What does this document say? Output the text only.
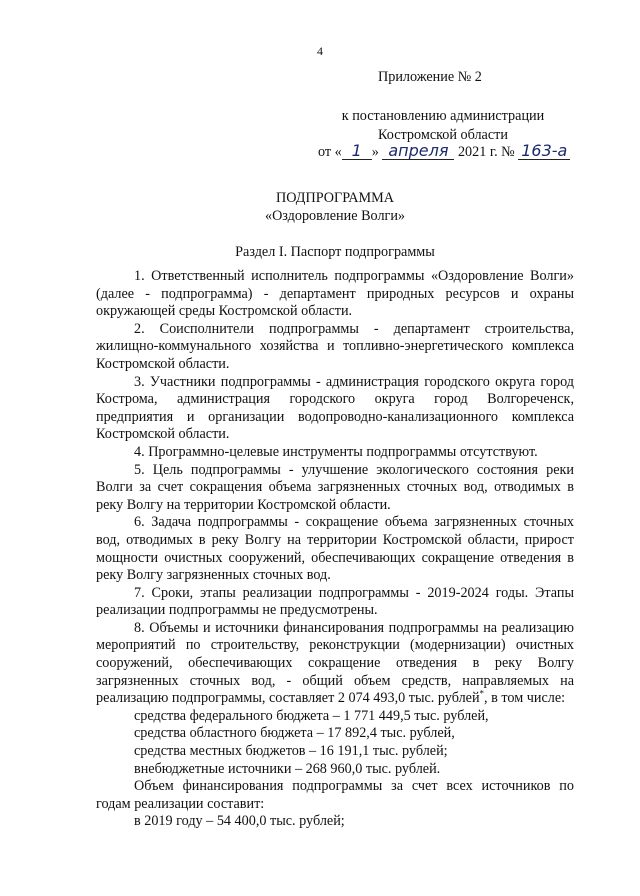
4
Приложение № 2
к постановлению администрации
Костромской области
от « 1 » апреля 2021 г. № 163-а
ПОДПРОГРАММА
«Оздоровление Волги»
Раздел I. Паспорт подпрограммы

1. Ответственный исполнитель подпрограммы «Оздоровление Волги» (далее - подпрограмма) - департамент природных ресурсов и охраны окружающей среды Костромской области.

2. Соисполнители подпрограммы - департамент строительства, жилищно-коммунального хозяйства и топливно-энергетического комплекса Костромской области.

3. Участники подпрограммы - администрация городского округа город Кострома, администрация городского округа город Волгореченск, предприятия и организации водопроводно-канализационного комплекса Костромской области.

4. Программно-целевые инструменты подпрограммы отсутствуют.

5. Цель подпрограммы - улучшение экологического состояния реки Волги за счет сокращения объема загрязненных сточных вод, отводимых в реку Волгу на территории Костромской области.

6. Задача подпрограммы - сокращение объема загрязненных сточных вод, отводимых в реку Волгу на территории Костромской области, прирост мощности очистных сооружений, обеспечивающих сокращение отведения в реку Волгу загрязненных сточных вод.

7. Сроки, этапы реализации подпрограммы - 2019-2024 годы. Этапы реализации подпрограммы не предусмотрены.

8. Объемы и источники финансирования подпрограммы на реализацию мероприятий по строительству, реконструкции (модернизации) очистных сооружений, обеспечивающих сокращение отведения в реку Волгу загрязненных сточных вод, - общий объем средств, направляемых на реализацию подпрограммы, составляет 2 074 493,0 тыс. рублей*, в том числе:

средства федерального бюджета – 1 771 449,5 тыс. рублей,

средства областного бюджета – 17 892,4 тыс. рублей,

средства местных бюджетов – 16 191,1 тыс. рублей;

внебюджетные источники – 268 960,0 тыс. рублей.

Объем финансирования подпрограммы за счет всех источников по годам реализации составит:

в 2019 году – 54 400,0 тыс. рублей;
